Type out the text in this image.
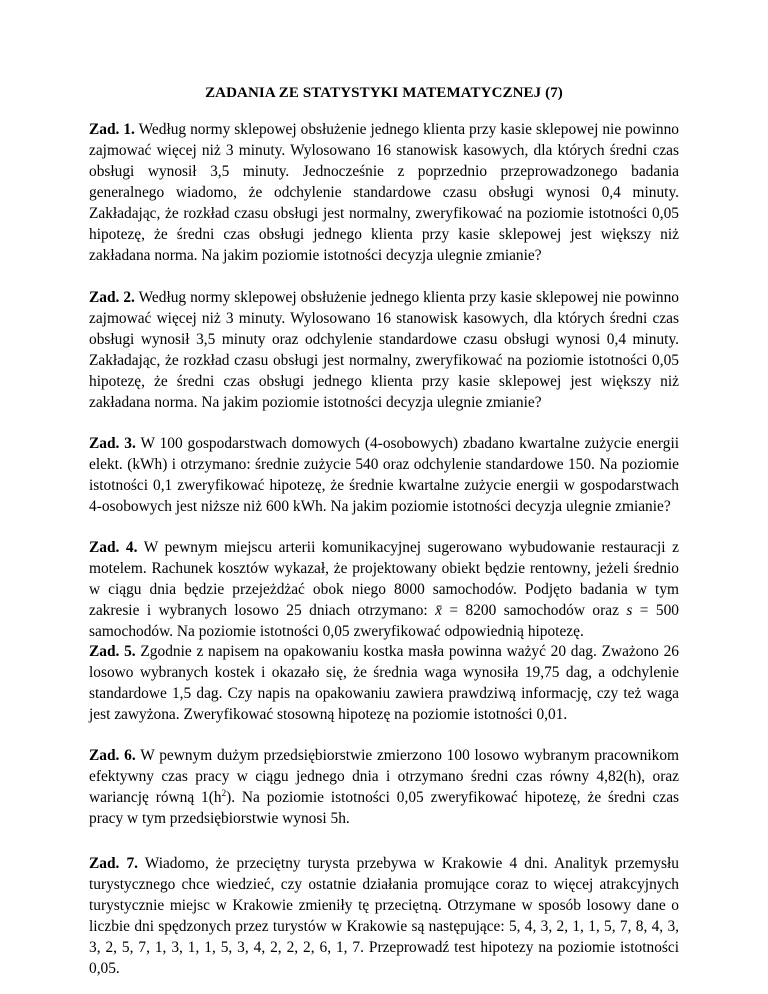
ZADANIA ZE STATYSTYKI MATEMATYCZNEJ (7)
Zad. 1. Według normy sklepowej obsłużenie jednego klienta przy kasie sklepowej nie powinno zajmować więcej niż 3 minuty. Wylosowano 16 stanowisk kasowych, dla których średni czas obsługi wynosił 3,5 minuty. Jednocześnie z poprzednio przeprowadzonego badania generalnego wiadomo, że odchylenie standardowe czasu obsługi wynosi 0,4 minuty. Zakładając, że rozkład czasu obsługi jest normalny, zweryfikować na poziomie istotności 0,05 hipotezę, że średni czas obsługi jednego klienta przy kasie sklepowej jest większy niż zakładana norma. Na jakim poziomie istotności decyzja ulegnie zmianie?
Zad. 2. Według normy sklepowej obsłużenie jednego klienta przy kasie sklepowej nie powinno zajmować więcej niż 3 minuty. Wylosowano 16 stanowisk kasowych, dla których średni czas obsługi wynosił 3,5 minuty oraz odchylenie standardowe czasu obsługi wynosi 0,4 minuty. Zakładając, że rozkład czasu obsługi jest normalny, zweryfikować na poziomie istotności 0,05 hipotezę, że średni czas obsługi jednego klienta przy kasie sklepowej jest większy niż zakładana norma. Na jakim poziomie istotności decyzja ulegnie zmianie?
Zad. 3. W 100 gospodarstwach domowych (4-osobowych) zbadano kwartalne zużycie energii elekt. (kWh) i otrzymano: średnie zużycie 540 oraz odchylenie standardowe 150. Na poziomie istotności 0,1 zweryfikować hipotezę, że średnie kwartalne zużycie energii w gospodarstwach 4-osobowych jest niższe niż 600 kWh. Na jakim poziomie istotności decyzja ulegnie zmianie?
Zad. 4. W pewnym miejscu arterii komunikacyjnej sugerowano wybudowanie restauracji z motelem. Rachunek kosztów wykazał, że projektowany obiekt będzie rentowny, jeżeli średnio w ciągu dnia będzie przejeżdżać obok niego 8000 samochodów. Podjęto badania w tym zakresie i wybranych losowo 25 dniach otrzymano: x̄ = 8200 samochodów oraz s = 500 samochodów. Na poziomie istotności 0,05 zweryfikować odpowiednią hipotezę.
Zad. 5. Zgodnie z napisem na opakowaniu kostka masła powinna ważyć 20 dag. Zważono 26 losowo wybranych kostek i okazało się, że średnia waga wynosiła 19,75 dag, a odchylenie standardowe 1,5 dag. Czy napis na opakowaniu zawiera prawdziwą informację, czy też waga jest zawyżona. Zweryfikować stosowną hipotezę na poziomie istotności 0,01.
Zad. 6. W pewnym dużym przedsiębiorstwie zmierzono 100 losowo wybranym pracownikom efektywny czas pracy w ciągu jednego dnia i otrzymano średni czas równy 4,82(h), oraz wariancję równą $1(h^2)$. Na poziomie istotności 0,05 zweryfikować hipotezę, że średni czas pracy w tym przedsiębiorstwie wynosi 5h.
Zad. 7. Wiadomo, że przeciętny turysta przebywa w Krakowie 4 dni. Analityk przemysłu turystycznego chce wiedzieć, czy ostatnie działania promujące coraz to więcej atrakcyjnych turystycznie miejsc w Krakowie zmieniły tę przeciętną. Otrzymane w sposób losowy dane o liczbie dni spędzonych przez turystów w Krakowie są następujące: 5, 4, 3, 2, 1, 1, 5, 7, 8, 4, 3, 3, 2, 5, 7, 1, 3, 1, 1, 5, 3, 4, 2, 2, 2, 6, 1, 7. Przeprowadź test hipotezy na poziomie istotności 0,05.
